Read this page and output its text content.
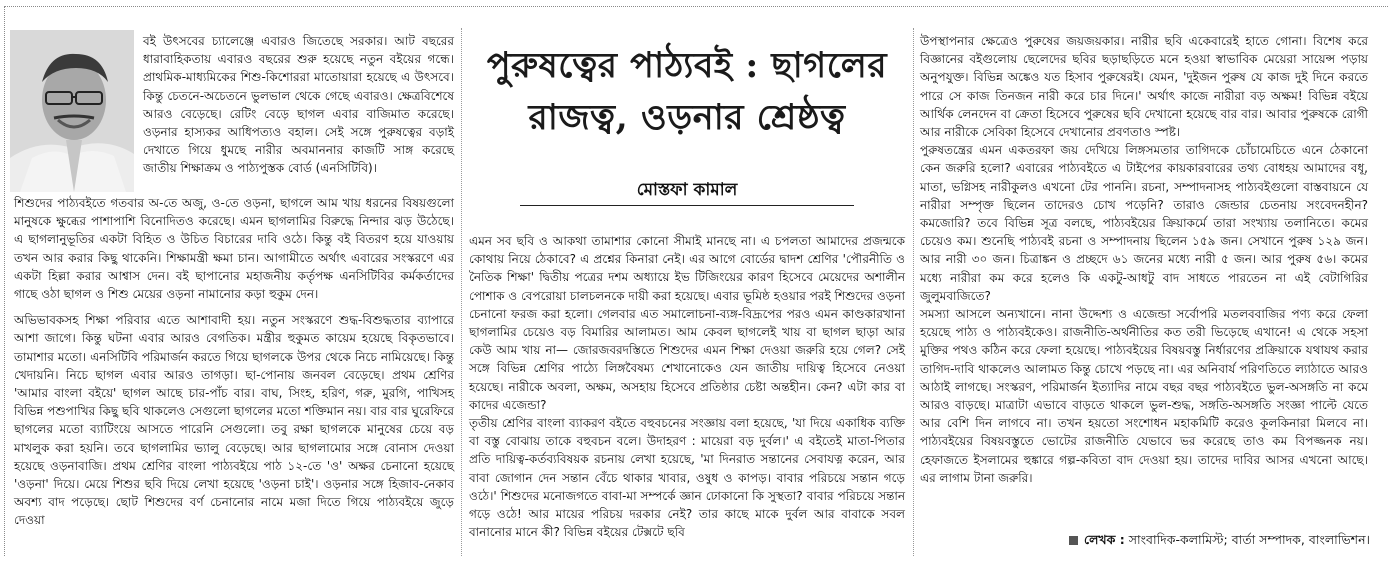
বই উৎসবের চ্যালেঞ্জে এবারও জিতেছে সরকার। আট বছরের ধারাবাহিকতায় এবারও বছরের শুরু হয়েছে নতুন বইয়ের গন্ধে। প্রাথমিক-মাধ্যমিকের শিশু-কিশোররা মাতোয়ারা হয়েছে এ উৎসবে। কিন্তু চেতনে-অচেতনে ভুলভাল থেকে গেছে এবারও। ক্ষেত্রবিশেষে আরও বেড়েছে। রেটিং বেড়ে ছাগল এবার বাজিমাত করেছে। ওড়নার হাস্যকর আধিপত্যও বহাল। সেই সঙ্গে পুরুষত্বের বড়াই দেখাতে গিয়ে ধুমছে নারীর অবমাননার কাজটি সাঙ্গ করেছে জাতীয় শিক্ষাক্রম ও পাঠ্যপুস্তক বোর্ড (এনসিটিবি)।

শিশুদের পাঠ্যবইতে গতবার অ-তে অজু, ও-তে ওড়না, ছাগলে আম খায় ধরনের বিষয়গুলো মানুষকে ক্ষুব্ধের পাশাপাশি বিনোদিতও করেছে। এমন ছাগলামির বিরুদ্ধে নিন্দার ঝড় উঠেছে। এ ছাগলানুভূতির একটা বিহিত ও উচিত বিচারের দাবি ওঠে। কিন্তু বই বিতরণ হয়ে যাওয়ায় তখন আর করার কিছু থাকেনি। শিক্ষামন্ত্রী ক্ষমা চান। আগামীতে অর্থাৎ এবারের সংস্করণে এর একটা হিল্লা করার আশ্বাস দেন। বই ছাপানোর মহাজনীয় কর্তৃপক্ষ এনসিটিবির কর্মকর্তাদের গাছে ওঠা ছাগল ও শিশু মেয়ের ওড়না নামানোর কড়া হুকুম দেন।

অভিভাবকসহ শিক্ষা পরিবার এতে আশাবাদী হয়। নতুন সংস্করণে শুদ্ধ-বিশুদ্ধতার ব্যাপারে আশা জাগে। কিন্তু ঘটনা এবার আরও বেগতিক। মন্ত্রীর হুকুমত কায়েম হয়েছে বিকৃতভাবে। তামাশার মতো। এনসিটিবি পরিমার্জন করতে গিয়ে ছাগলকে উপর থেকে নিচে নামিয়েছে। কিন্তু খেদায়নি। নিচে ছাগল এবার আরও তাগড়া। ছা-পোনায় জনবল বেড়েছে। প্রথম শ্রেণির 'আমার বাংলা বইয়ে' ছাগল আছে চার-পাঁচ বার। বাঘ, সিংহ, হরিণ, গরু, মুরগি, পাখিসহ বিভিন্ন পশুপাখির কিছু ছবি থাকলেও সেগুলো ছাগলের মতো শক্তিমান নয়। বার বার ঘুরেফিরে ছাগলের মতো ব্যাটিংয়ে আসতে পারেনি সেগুলো। তবু রক্ষা ছাগলকে মানুষের চেয়ে বড় মাখলুক করা হয়নি। তবে ছাগলামির ভ্যালু বেড়েছে। আর ছাগলামোর সঙ্গে বোনাস দেওয়া হয়েছে ওড়নাবাজি। প্রথম শ্রেণির বাংলা পাঠ্যবইয়ে পাঠ ১২-তে 'ও' অক্ষর চেনানো হয়েছে 'ওড়না' দিয়ে। মেয়ে শিশুর ছবি দিয়ে লেখা হয়েছে 'ওড়না চাই'। ওড়নার সঙ্গে হিজাব-নেকাব অবশ্য বাদ পড়েছে। ছোট শিশুদের বর্ণ চেনানোর নামে মজা দিতে গিয়ে পাঠ্যবইয়ে জুড়ে দেওয়া

পুরুষত্বের পাঠ্যবই : ছাগলের
রাজত্ব, ওড়নার শ্রেষ্ঠত্ব
মোস্তফা কামাল

এমন সব ছবি ও আকথা তামাশার কোনো সীমাই মানছে না। এ চপলতা আমাদের প্রজন্মকে কোথায় নিয়ে ঠেকাবে? এ প্রশ্নের কিনারা নেই। এর আগে বোর্ডের দ্বাদশ শ্রেণির 'পৌরনীতি ও নৈতিক শিক্ষা' দ্বিতীয় পত্রের দশম অধ্যায়ে ইভ টিজিংয়ের কারণ হিসেবে মেয়েদের অশালীন পোশাক ও বেপরোয়া চালচলনকে দায়ী করা হয়েছে। এবার ভূমিষ্ঠ হওয়ার পরই শিশুদের ওড়না চেনানো ফরজ করা হলো। গেলবার এত সমালোচনা-ব্যঙ্গ-বিদ্রূপের পরও এমন কাণ্ডকারখানা ছাগলামির চেয়েও বড় বিমারির আলামত। আম কেবল ছাগলেই খায় বা ছাগল ছাড়া আর কেউ আম খায় না— জোরজবরদস্তিতে শিশুদের এমন শিক্ষা দেওয়া জরুরি হয়ে গেল? সেই সঙ্গে বিভিন্ন শ্রেণির পাঠ্যে লিঙ্গবৈষম্য শেখানোকেও যেন জাতীয় দায়িত্ব হিসেবে নেওয়া হয়েছে। নারীকে অবলা, অক্ষম, অসহায় হিসেবে প্রতিষ্ঠার চেষ্টা অন্তহীন। কেন? এটা কার বা কাদের এজেন্ডা?

তৃতীয় শ্রেণির বাংলা ব্যাকরণ বইতে বহুবচনের সংজ্ঞায় বলা হয়েছে, 'যা দিয়ে একাধিক ব্যক্তি বা বস্তু বোঝায় তাকে বহুবচন বলে। উদাহরণ : মায়েরা বড় দুর্বল।' এ বইতেই মাতা-পিতার প্রতি দায়িত্ব-কর্তব্যবিষয়ক রচনায় লেখা হয়েছে, 'মা দিনরাত সন্তানের সেবাযত্ন করেন, আর বাবা জোগান দেন সন্তান বেঁচে থাকার খাবার, ওষুধ ও কাপড়। বাবার পরিচয়ে সন্তান গড়ে ওঠে।' শিশুদের মনোজগতে বাবা-মা সম্পর্কে জ্ঞান ঢোকানো কি সুস্থতা? বাবার পরিচয়ে সন্তান গড়ে ওঠে! আর মায়ের পরিচয় দরকার নেই? তার কাছে মাকে দুর্বল আর বাবাকে সবল বানানোর মানে কী? বিভিন্ন বইয়ের টেক্সটে ছবি

উপস্থাপনার ক্ষেত্রেও পুরুষের জয়জয়কার। নারীর ছবি একেবারেই হাতে গোনা। বিশেষ করে বিজ্ঞানের বইগুলোয় ছেলেদের ছবির ছড়াছড়িতে মনে হওয়া স্বাভাবিক মেয়েরা সায়েন্স পড়ায় অনুপযুক্ত। বিভিন্ন অঙ্কেও যত হিসাব পুরুষেরই। যেমন, 'দুইজন পুরুষ যে কাজ দুই দিনে করতে পারে সে কাজ তিনজন নারী করে চার দিনে।' অর্থাৎ কাজে নারীরা বড় অক্ষম! বিভিন্ন বইয়ে আর্থিক লেনদেন বা ক্রেতা হিসেবে পুরুষের ছবি দেখানো হয়েছে বার বার। আবার পুরুষকে রোগী আর নারীকে সেবিকা হিসেবে দেখানোর প্রবণতাও স্পষ্ট।

পুরুষতন্ত্রের এমন একতরফা জয় দেখিয়ে লিঙ্গসমতার তাগিদকে চোঁচামেচিতে এনে ঠেকানো কেন জরুরি হলো? এবারের পাঠ্যবইতে এ টাইপের কায়কারবারের তথ্য বোধহয় আমাদের বধূ, মাতা, ভগ্নিসহ নারীকুলও এখনো টের পাননি। রচনা, সম্পাদনাসহ পাঠ্যবইগুলো বাস্তবায়নে যে নারীরা সম্পৃক্ত ছিলেন তাদেরও চোখ পড়েনি? তারাও জেন্ডার চেতনায় সংবেদনহীন? কমজোরি? তবে বিভিন্ন সূত্র বলছে, পাঠ্যবইয়ের ক্রিয়াকর্মে তারা সংখ্যায় তলানিতে। কমের চেয়েও কম। শুনেছি পাঠ্যবই রচনা ও সম্পাদনায় ছিলেন ১৫৯ জন। সেখানে পুরুষ ১২৯ জন। আর নারী ৩০ জন। চিত্রাঙ্কন ও প্রচ্ছদে ৬১ জনের মধ্যে নারী ৫ জন। আর পুরুষ ৫৬। কমের মধ্যে নারীরা কম করে হলেও কি একটু-আধটু বাদ সাধতে পারতেন না এই বেটাগিরির জুলুমবাজিতে?

সমস্যা আসলে অন্যখানে। নানা উদ্দেশ্য ও এজেন্ডা সর্বোপরি মতলববাজির পণ্য করে ফেলা হয়েছে পাঠ্য ও পাঠ্যবইকেও। রাজনীতি-অর্থনীতির কত তরী ভিড়েছে এখানে! এ থেকে সহসা মুক্তির পথও কঠিন করে ফেলা হয়েছে। পাঠ্যবইয়ের বিষয়বস্তু নির্ধারণের প্রক্রিয়াকে যথাযথ করার তাগিদ-দাবি থাকলেও আলামত কিন্তু চোখে পড়ছে না। এর অনিবার্য পরিণতিতে ল্যাঠাতে আরও আঠাই লাগছে। সংস্করণ, পরিমার্জন ইত্যাদির নামে বছর বছর পাঠ্যবইতে ভুল-অসঙ্গতি না কমে আরও বাড়ছে। মাত্রাটা এভাবে বাড়তে থাকলে ভুল-শুদ্ধ, সঙ্গতি-অসঙ্গতি সংজ্ঞা পাল্টে যেতে আর বেশি দিন লাগবে না। তখন হয়তো সংশোধন মহাকমিটি করেও কূলকিনারা মিলবে না। পাঠ্যবইয়ের বিষয়বস্তুতে ভোটের রাজনীতি যেভাবে ভর করেছে তাও কম বিপজ্জনক নয়। হেফাজতে ইসলামের হুঙ্কারে গল্প-কবিতা বাদ দেওয়া হয়। তাদের দাবির আসর এখনো আছে। এর লাগাম টানা জরুরি।

লেখক : সাংবাদিক-কলামিস্ট; বার্তা সম্পাদক, বাংলাভিশন।
